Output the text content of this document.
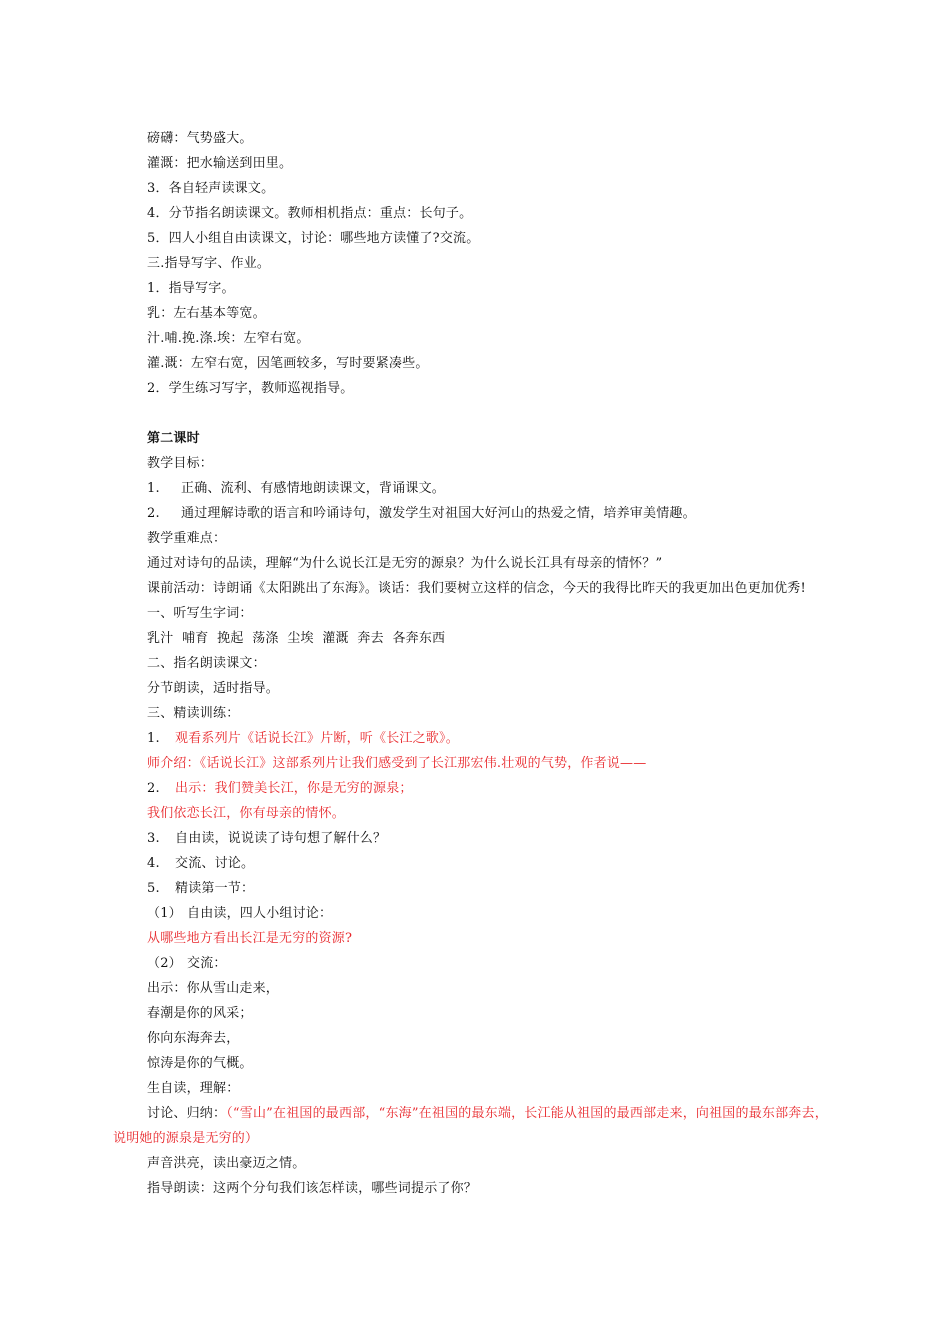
磅礴：气势盛大。
灌溉：把水输送到田里。
3．各自轻声读课文。
4．分节指名朗读课文。教师相机指点：重点：长句子。
5．四人小组自由读课文，讨论：哪些地方读懂了?交流。
三.指导写字、作业。
1．指导写字。
乳：左右基本等宽。
汁.哺.挽.涤.埃：左窄右宽。
灌.溉：左窄右宽，因笔画较多，写时要紧凑些。
2．学生练习写字，教师巡视指导。
第二课时
教学目标：
1. 正确、流利、有感情地朗读课文，背诵课文。
2. 通过理解诗歌的语言和吟诵诗句，激发学生对祖国大好河山的热爱之情，培养审美情趣。
教学重难点：
通过对诗句的品读，理解“为什么说长江是无穷的源泉？为什么说长江具有母亲的情怀？”
课前活动：诗朗诵《太阳跳出了东海》。谈话：我们要树立这样的信念，今天的我得比昨天的我更加出色更加优秀!
一、听写生字词：
乳汁  哺育  挽起  荡涤  尘埃  灌溉  奔去  各奔东西
二、指名朗读课文：
分节朗读，适时指导。
三、精读训练：
1. 观看系列片《话说长江》片断，听《长江之歌》。
师介绍：《话说长江》这部系列片让我们感受到了长江那宏伟.壮观的气势，作者说——
2. 出示：我们赞美长江，你是无穷的源泉；
我们依恋长江，你有母亲的情怀。
3. 自由读，说说读了诗句想了解什么？
4. 交流、讨论。
5. 精读第一节：
（1） 自由读，四人小组讨论：
从哪些地方看出长江是无穷的资源?
（2） 交流：
出示：你从雪山走来，
春潮是你的风采；
你向东海奔去，
惊涛是你的气概。
生自读，理解：
讨论、归纳：（“雪山”在祖国的最西部，“东海”在祖国的最东端，长江能从祖国的最西部走来，向祖国的最东部奔去，说明她的源泉是无穷的）
声音洪亮，读出豪迈之情。
指导朗读：这两个分句我们该怎样读，哪些词提示了你？
